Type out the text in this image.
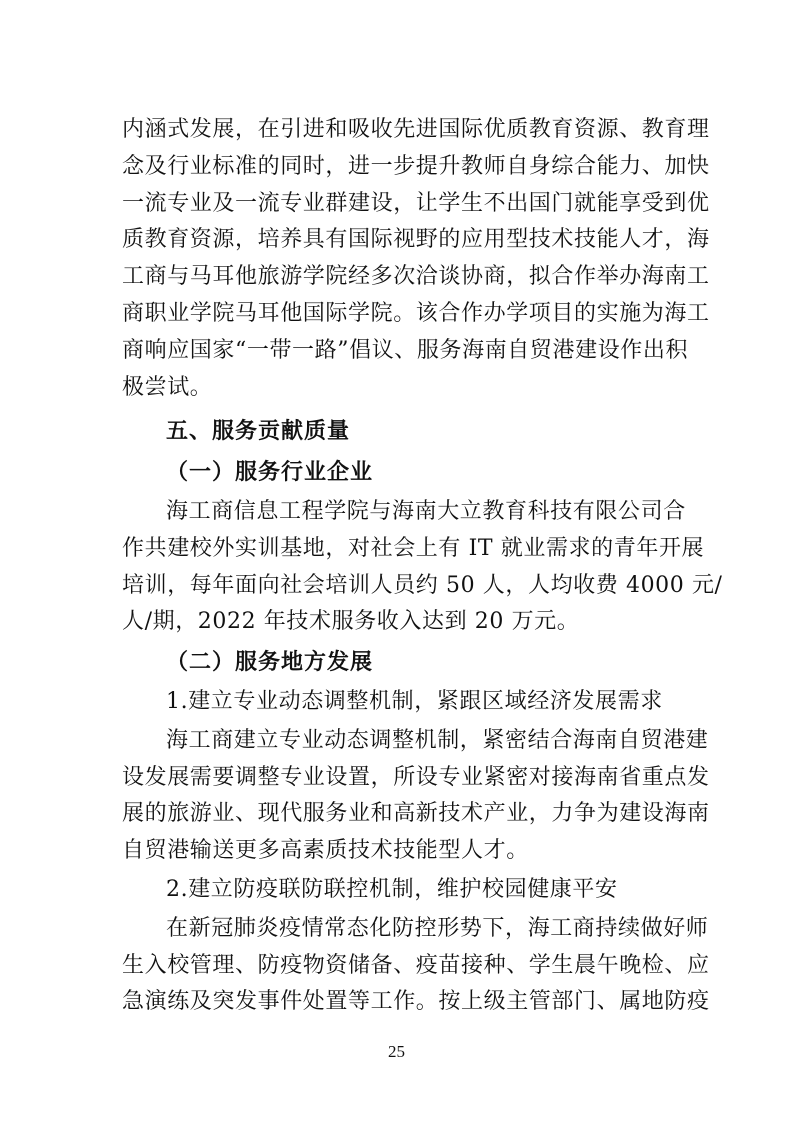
内涵式发展，在引进和吸收先进国际优质教育资源、教育理
念及行业标准的同时，进一步提升教师自身综合能力、加快
一流专业及一流专业群建设，让学生不出国门就能享受到优
质教育资源，培养具有国际视野的应用型技术技能人才，海
工商与马耳他旅游学院经多次洽谈协商，拟合作举办海南工
商职业学院马耳他国际学院。该合作办学项目的实施为海工
商响应国家“一带一路”倡议、服务海南自贸港建设作出积
极尝试。
五、服务贡献质量
（一）服务行业企业
海工商信息工程学院与海南大立教育科技有限公司合
作共建校外实训基地，对社会上有 IT 就业需求的青年开展
培训，每年面向社会培训人员约 50 人，人均收费 4000 元/
人/期，2022 年技术服务收入达到 20 万元。
（二）服务地方发展
1.建立专业动态调整机制，紧跟区域经济发展需求
海工商建立专业动态调整机制，紧密结合海南自贸港建
设发展需要调整专业设置，所设专业紧密对接海南省重点发
展的旅游业、现代服务业和高新技术产业，力争为建设海南
自贸港输送更多高素质技术技能型人才。
2.建立防疫联防联控机制，维护校园健康平安
在新冠肺炎疫情常态化防控形势下，海工商持续做好师
生入校管理、防疫物资储备、疫苗接种、学生晨午晚检、应
25
急演练及突发事件处置等工作。按上级主管部门、属地防疫
